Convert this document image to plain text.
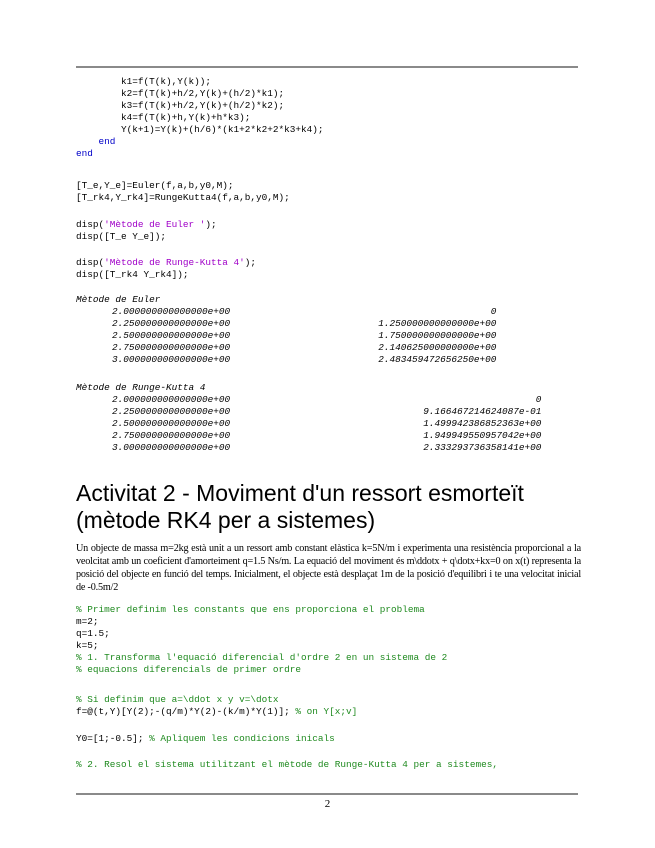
k1=f(T(k),Y(k));
k2=f(T(k)+h/2,Y(k)+(h/2)*k1);
k3=f(T(k)+h/2,Y(k)+(h/2)*k2);
k4=f(T(k)+h,Y(k)+h*k3);
Y(k+1)=Y(k)+(h/6)*(k1+2*k2+2*k3+k4);
end
end
[T_e,Y_e]=Euler(f,a,b,y0,M);
[T_rk4,Y_rk4]=RungeKutta4(f,a,b,y0,M);
disp('Mètode de Euler ');
disp([T_e Y_e]);
disp('Mètode de Runge-Kutta 4');
disp([T_rk4 Y_rk4]);
Mètode de Euler
2.000000000000000e+00	0
2.250000000000000e+00	1.250000000000000e+00
2.500000000000000e+00	1.750000000000000e+00
2.750000000000000e+00	2.140625000000000e+00
3.000000000000000e+00	2.483459472656250e+00
Mètode de Runge-Kutta 4
2.000000000000000e+00	0
2.250000000000000e+00	9.166467214624087e-01
2.500000000000000e+00	1.499942386852363e+00
2.750000000000000e+00	1.949949550957042e+00
3.000000000000000e+00	2.333293736358141e+00
Activitat 2 - Moviment d'un ressort esmorteït (mètode RK4 per a sistemes)

Un objecte de massa m=2kg està unit a un ressort amb constant elàstica k=5N/m i experimenta una resistència proporcional a la veolcitat amb un coeficient d'amorteiment q=1.5 Ns/m. La equació del moviment és m\ddotx + q\dotx+kx=0 on x(t) representa la posició del objecte en funció del temps. Inicialment, el objecte està desplaçat 1m de la posició d'equilibri i te una velocitat inicial de -0.5m/2

% Primer definim les constants que ens proporciona el problema
m=2;
q=1.5;
k=5;
% 1. Transforma l'equació diferencial d'ordre 2 en un sistema de 2
% equacions diferencials de primer ordre
% Si definim que a=\ddot x y v=\dotx
f=@(t,Y)[Y(2);-(q/m)*Y(2)-(k/m)*Y(1)]; % on Y[x;v]
Y0=[1;-0.5]; % Apliquem les condicions inicals
% 2. Resol el sistema utilitzant el mètode de Runge-Kutta 4 per a sistemes,
2
